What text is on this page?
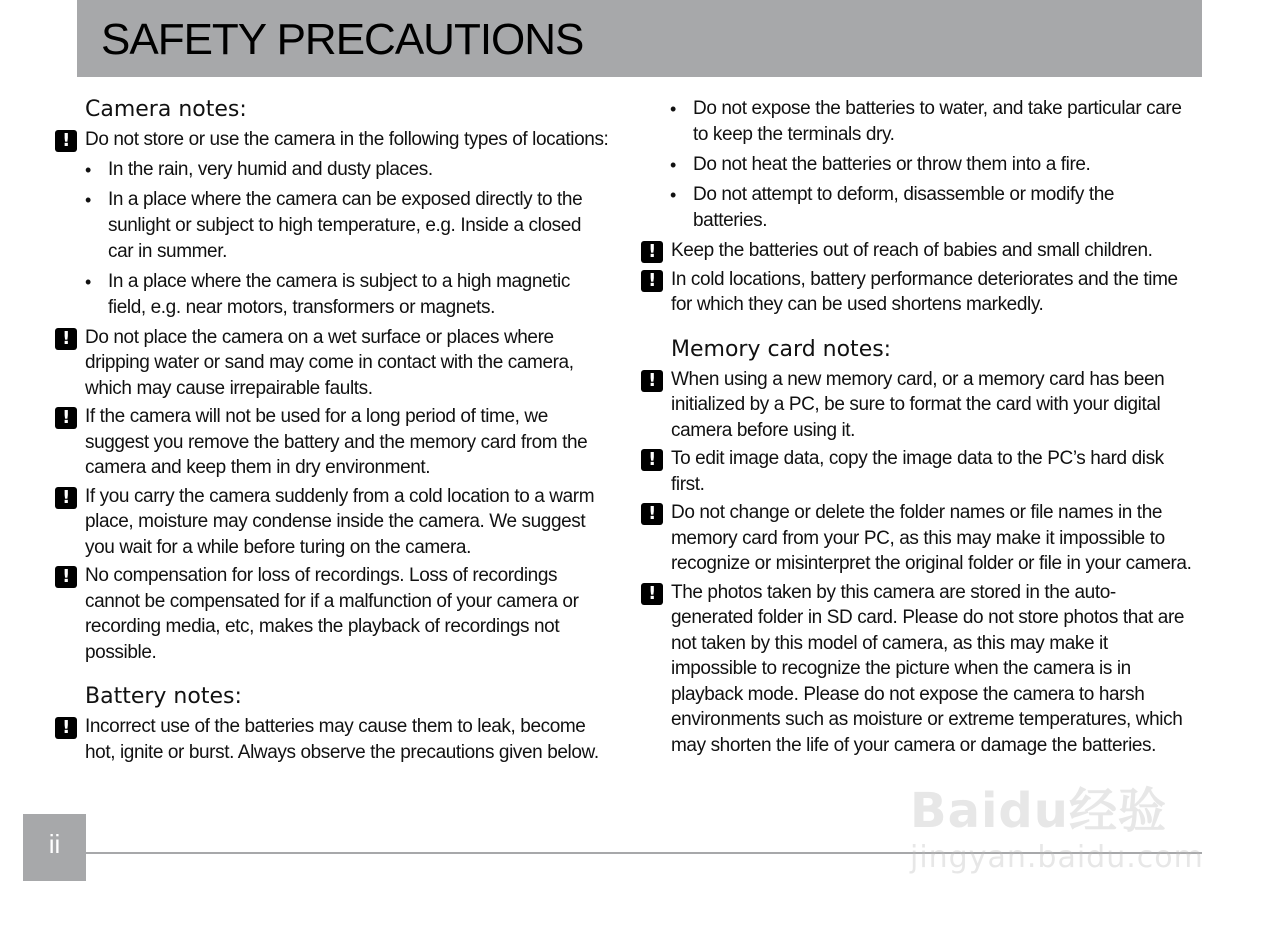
SAFETY PRECAUTIONS
Camera notes:
! Do not store or use the camera in the following types of locations:
• In the rain, very humid and dusty places.
• In a place where the camera can be exposed directly to the sunlight or subject to high temperature, e.g. Inside a closed car in summer.
• In a place where the camera is subject to a high magnetic field, e.g. near motors, transformers or magnets.
! Do not place the camera on a wet surface or places where dripping water or sand may come in contact with the camera, which may cause irrepairable faults.
! If the camera will not be used for a long period of time, we suggest you remove the battery and the memory card from the camera and keep them in dry environment.
! If you carry the camera suddenly from a cold location to a warm place, moisture may condense inside the camera. We suggest you wait for a while before turing on the camera.
! No compensation for loss of recordings. Loss of recordings cannot be compensated for if a malfunction of your camera or recording media, etc, makes the playback of recordings not possible.
Battery notes:
! Incorrect use of the batteries may cause them to leak, become hot, ignite or burst. Always observe the precautions given below.
• Do not expose the batteries to water, and take particular care to keep the terminals dry.
• Do not heat the batteries or throw them into a fire.
• Do not attempt to deform, disassemble or modify the batteries.
! Keep the batteries out of reach of babies and small children.
! In cold locations, battery performance deteriorates and the time for which they can be used shortens markedly.
Memory card notes:
! When using a new memory card, or a memory card has been initialized by a PC, be sure to format the card with your digital camera before using it.
! To edit image data, copy the image data to the PC’s hard disk first.
! Do not change or delete the folder names or file names in the memory card from your PC, as this may make it impossible to recognize or misinterpret the original folder or file in your camera.
! The photos taken by this camera are stored in the auto-generated folder in SD card. Please do not store photos that are not taken by this model of camera, as this may make it impossible to recognize the picture when the camera is in playback mode. Please do not expose the camera to harsh environments such as moisture or extreme temperatures, which may shorten the life of your camera or damage the batteries.
ii
Baidu经验
jingyan.baidu.com
